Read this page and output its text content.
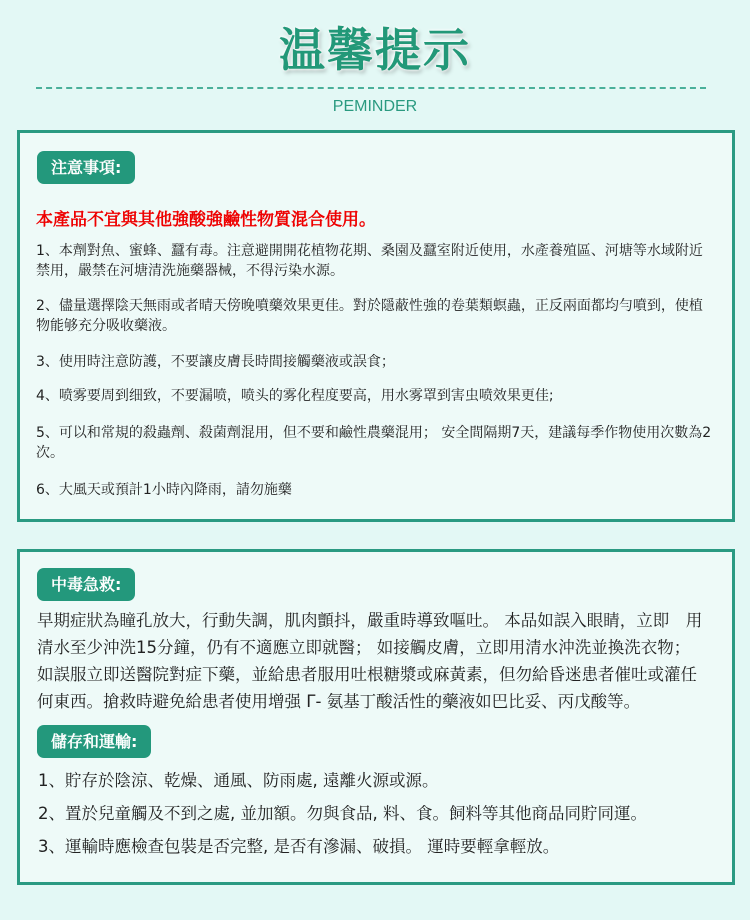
温馨提示
PEMINDER
注意事項:
本產品不宜與其他強酸強鹼性物質混合使用。
1、本劑對魚、蜜蜂、蠶有毒。注意避開開花植物花期、桑園及蠶室附近使用，水產養殖區、河塘等水域附近禁用，嚴禁在河塘清洗施藥器械，不得污染水源。
2、儘量選擇陰天無雨或者晴天傍晚噴藥效果更佳。對於隱蔽性強的卷葉類螟蟲，正反兩面都均勻噴到，使植物能够充分吸收藥液。
3、使用時注意防護，不要讓皮膚長時間接觸藥液或誤食；
4、喷雾要周到细致，不要漏喷，喷头的雾化程度要高，用水雾罩到害虫喷效果更佳;
5、可以和常規的殺蟲劑、殺菌劑混用，但不要和鹼性農藥混用； 安全間隔期7天，建議每季作物使用次數為2次。
6、大風天或預計1小時內降雨，請勿施藥
中毒急救:
早期症狀為瞳孔放大，行動失調，肌肉顫抖，嚴重時導致嘔吐。 本品如誤入眼睛，立即　用清水至少沖洗15分鐘，仍有不適應立即就醫； 如接觸皮膚，立即用清水沖洗並換洗衣物；　 如誤服立即送醫院對症下藥，並給患者服用吐根糖漿或麻黃素，但勿給昏迷患者催吐或灌任　何東西。搶救時避免給患者使用增强 Γ- 氨基丁酸活性的藥液如巴比妥、丙戊酸等。
儲存和運輸:
1、貯存於陰涼、乾燥、通風、防雨處, 遠離火源或源。
2、置於兒童觸及不到之處, 並加額。勿與食品, 料、食。飼料等其他商品同貯同運。
3、運輸時應檢查包裝是否完整, 是否有滲漏、破損。 運時要輕拿輕放。
